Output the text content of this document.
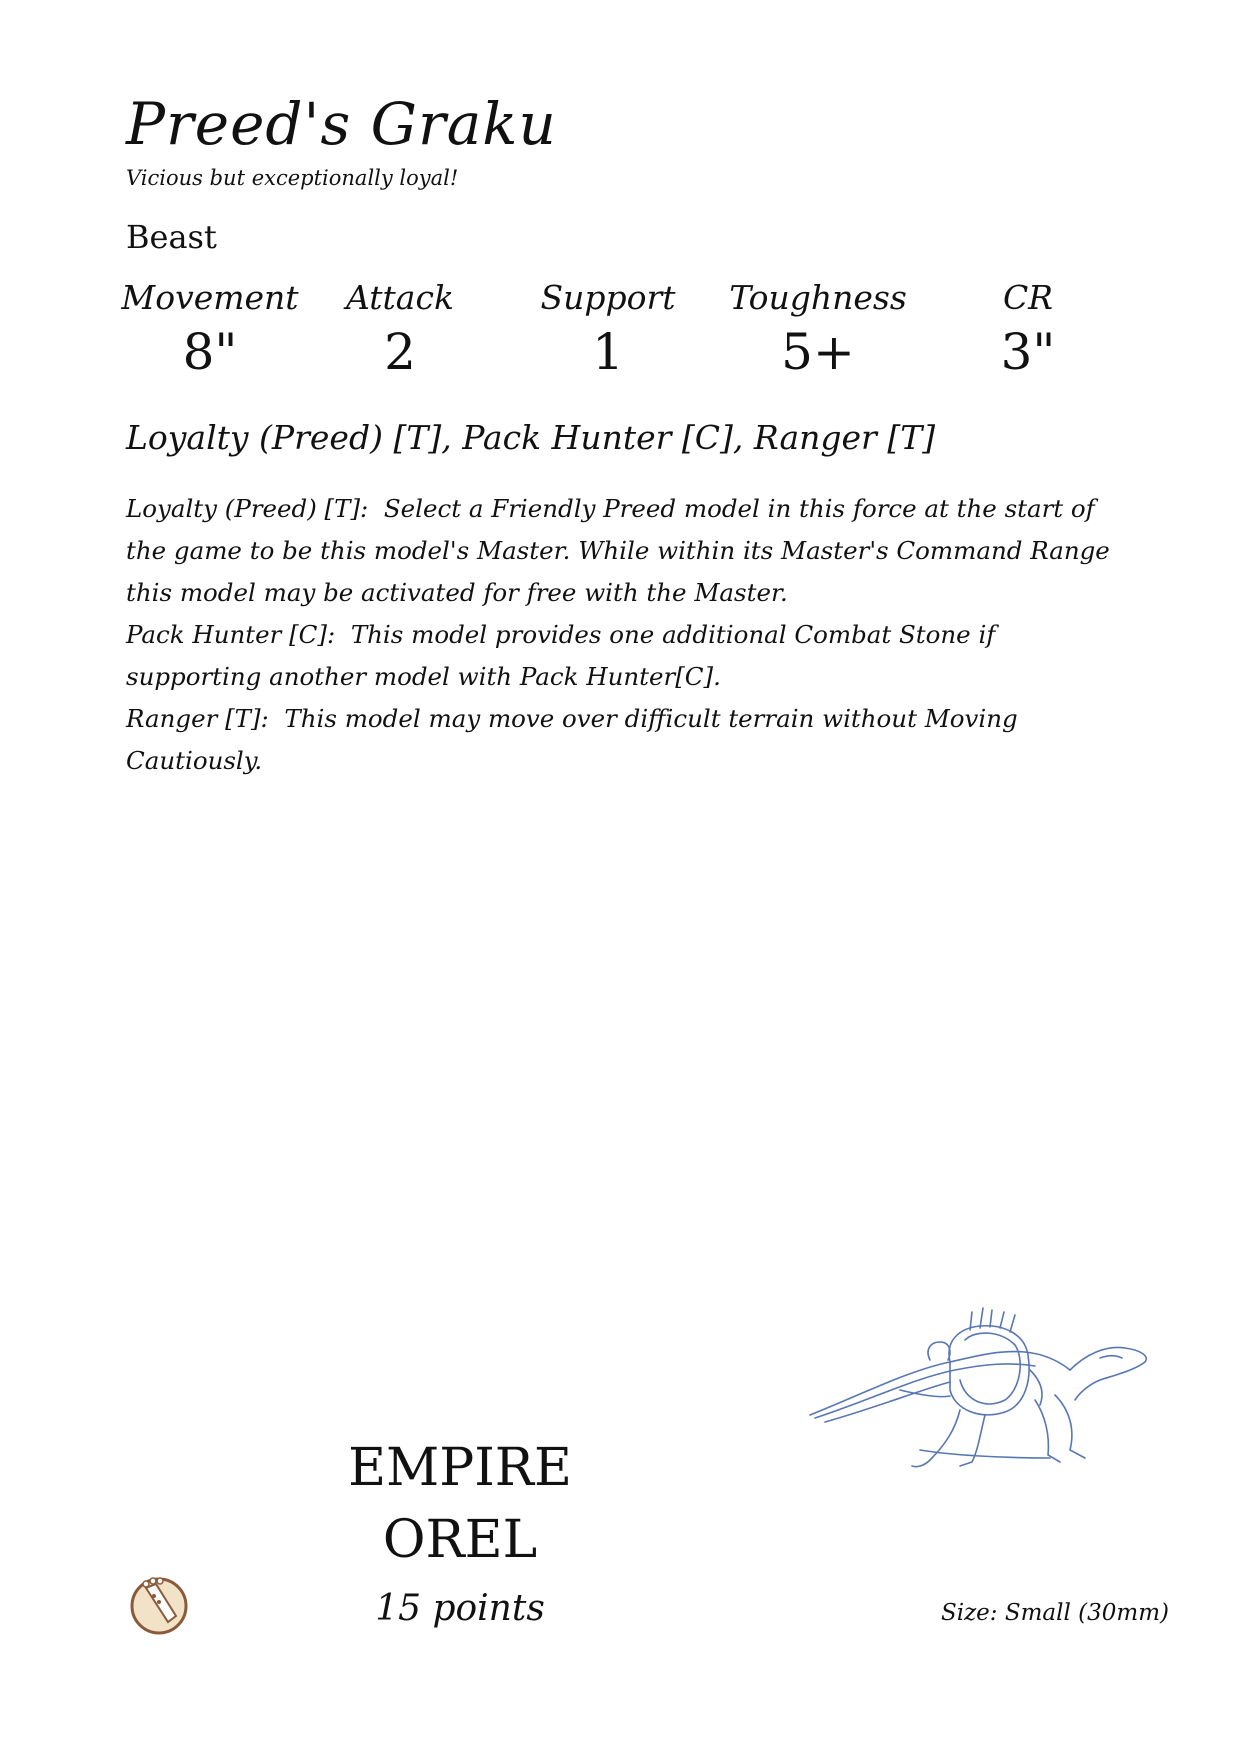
Preed's Graku
Vicious but exceptionally loyal!
Beast
Movement
8"
Attack
2
Support
1
Toughness
5+
CR
3"
Loyalty (Preed) [T], Pack Hunter [C], Ranger [T]
Loyalty (Preed) [T]: Select a Friendly Preed model in this force at the start of the game to be this model's Master. While within its Master's Command Range this model may be activated for free with the Master.
Pack Hunter [C]: This model provides one additional Combat Stone if supporting another model with Pack Hunter[C].
Ranger [T]: This model may move over difficult terrain without Moving Cautiously.
EMPIRE
OREL
15 points	Size: Small (30mm)
